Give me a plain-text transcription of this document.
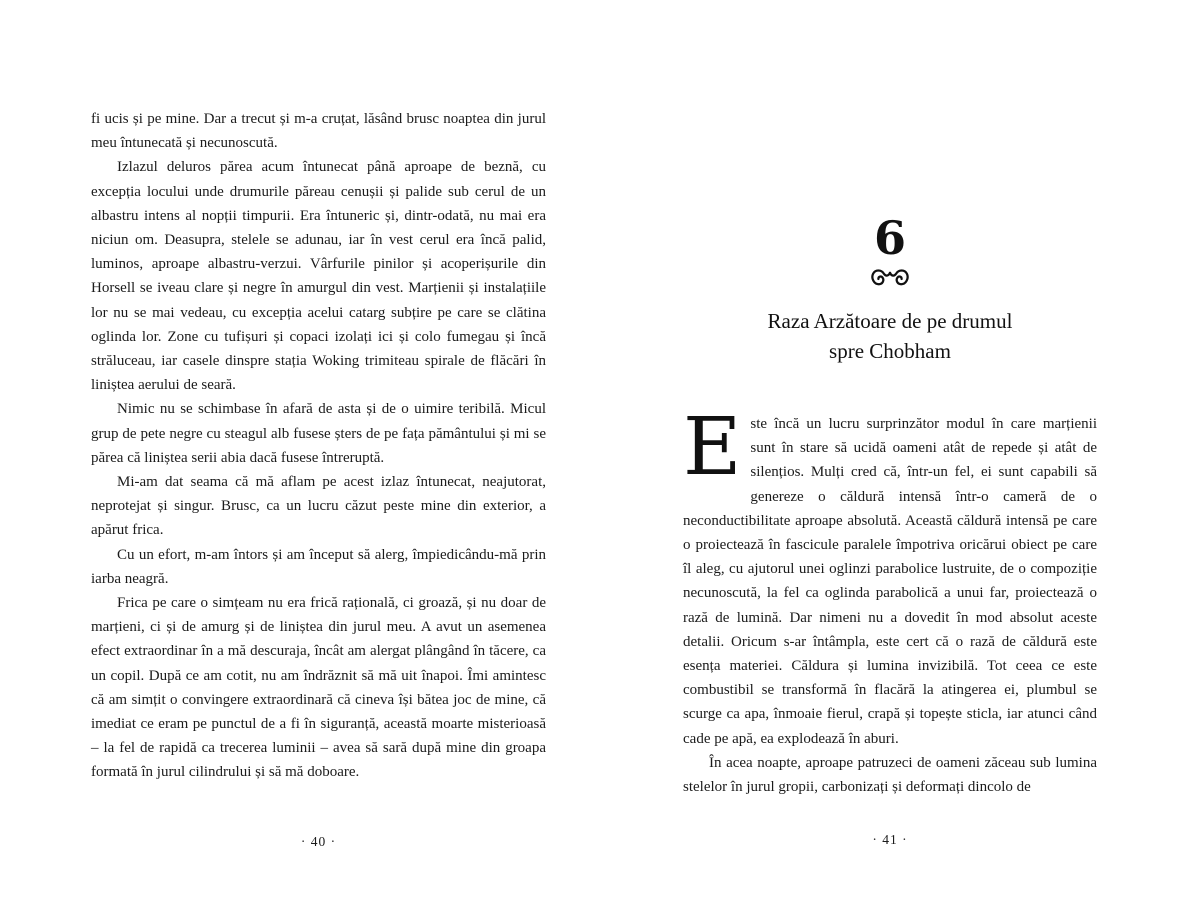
fi ucis și pe mine. Dar a trecut și m-a cruțat, lăsând brusc noaptea din jurul meu întunecată și necunoscută.

Izlazul deluros părea acum întunecat până aproape de beznă, cu excepția locului unde drumurile păreau cenușii și palide sub cerul de un albastru intens al nopții timpurii. Era întuneric și, dintr-odată, nu mai era niciun om. Deasupra, stelele se adunau, iar în vest cerul era încă palid, luminos, aproape albastru-verzui. Vârfurile pinilor și acoperișurile din Horsell se iveau clare și negre în amurgul din vest. Marțienii și instalațiile lor nu se mai vedeau, cu excepția acelui catarg subțire pe care se clătina oglinda lor. Zone cu tufișuri și copaci izolați ici și colo fumegau și încă străluceau, iar casele dinspre stația Woking trimiteau spirale de flăcări în liniștea aerului de seară.

Nimic nu se schimbase în afară de asta și de o uimire teribilă. Micul grup de pete negre cu steagul alb fusese șters de pe fața pământului și mi se părea că liniștea serii abia dacă fusese întreruptă.

Mi-am dat seama că mă aflam pe acest izlaz întunecat, neajutorat, neprotejat și singur. Brusc, ca un lucru căzut peste mine din exterior, a apărut frica.

Cu un efort, m-am întors și am început să alerg, împiedicându-mă prin iarba neagră.

Frica pe care o simțeam nu era frică rațională, ci groază, și nu doar de marțieni, ci și de amurg și de liniștea din jurul meu. A avut un asemenea efect extraordinar în a mă descuraja, încât am alergat plângând în tăcere, ca un copil. După ce am cotit, nu am îndrăznit să mă uit înapoi. Îmi amintesc că am simțit o convingere extraordinară că cineva își bătea joc de mine, că imediat ce eram pe punctul de a fi în siguranță, această moarte misterioasă – la fel de rapidă ca trecerea luminii – avea să sară după mine din groapa formată în jurul cilindrului și să mă doboare.

· 40 ·
6
Raza Arzătoare de pe drumul
spre Chobham

Este încă un lucru surprinzător modul în care marțienii sunt în stare să ucidă oameni atât de repede și atât de silențios. Mulți cred că, într-un fel, ei sunt capabili să genereze o căldură intensă într-o cameră de o neconductibilitate aproape absolută. Această căldură intensă pe care o proiectează în fascicule paralele împotriva oricărui obiect pe care îl aleg, cu ajutorul unei oglinzi parabolice lustruite, de o compoziție necunoscută, la fel ca oglinda parabolică a unui far, proiectează o rază de lumină. Dar nimeni nu a dovedit în mod absolut aceste detalii. Oricum s-ar întâmpla, este cert că o rază de căldură este esența materiei. Căldura și lumina invizibilă. Tot ceea ce este combustibil se transformă în flacără la atingerea ei, plumbul se scurge ca apa, înmoaie fierul, crapă și topește sticla, iar atunci când cade pe apă, ea explodează în aburi.

În acea noapte, aproape patruzeci de oameni zăceau sub lumina stelelor în jurul gropii, carbonizați și deformați dincolo de

· 41 ·
